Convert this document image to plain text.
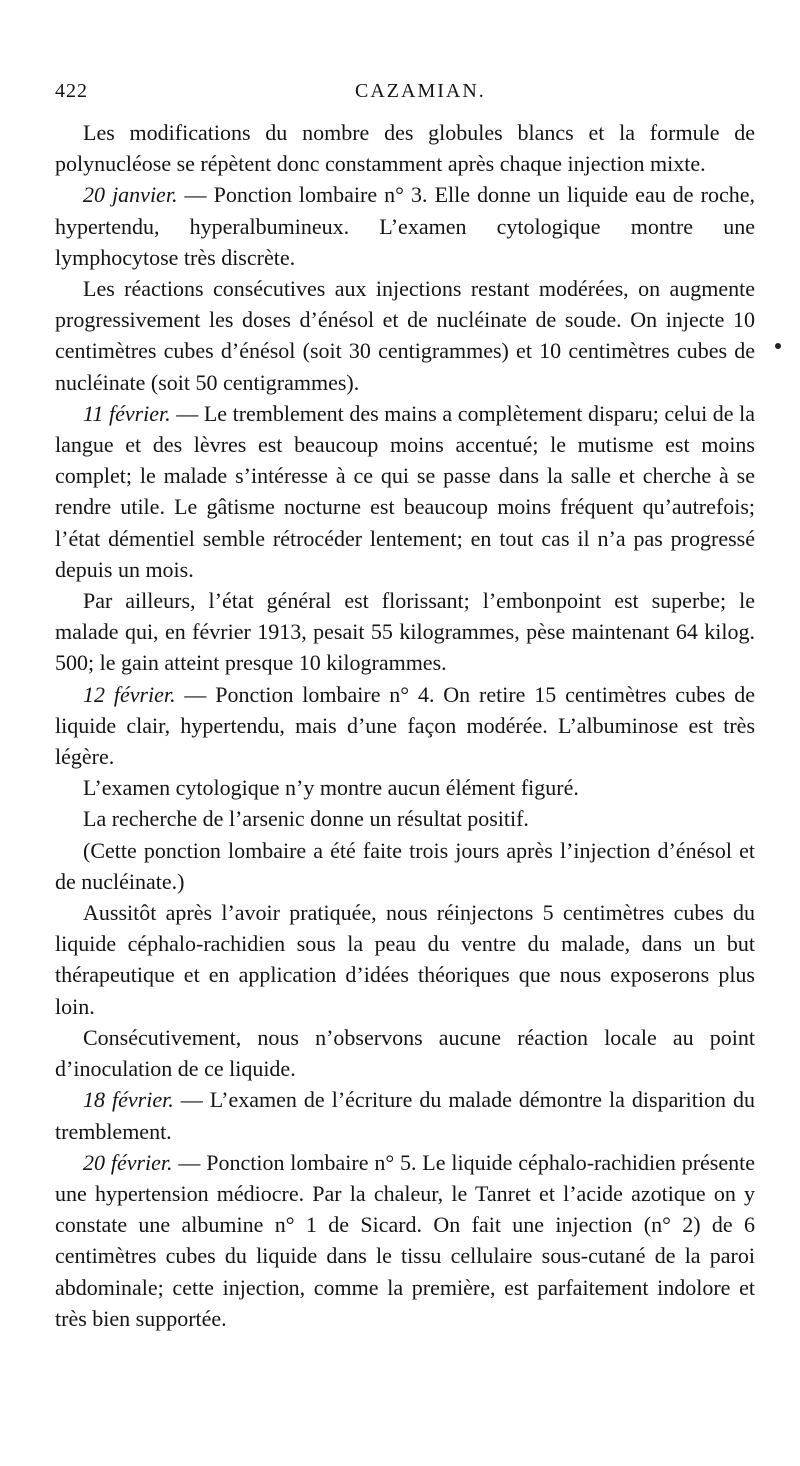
422	CAZAMIAN.

Les modifications du nombre des globules blancs et la formule de polynucléose se répètent donc constamment après chaque injection mixte.

20 janvier. — Ponction lombaire n° 3. Elle donne un liquide eau de roche, hypertendu, hyperalbumineux. L’examen cytologique montre une lymphocytose très discrète.

Les réactions consécutives aux injections restant modérées, on augmente progressivement les doses d’énésol et de nucléinate de soude. On injecte 10 centimètres cubes d’énésol (soit 30 centigrammes) et 10 centimètres cubes de nucléinate (soit 50 centigrammes).

11 février. — Le tremblement des mains a complètement disparu; celui de la langue et des lèvres est beaucoup moins accentué; le mutisme est moins complet; le malade s’intéresse à ce qui se passe dans la salle et cherche à se rendre utile. Le gâtisme nocturne est beaucoup moins fréquent qu’autrefois; l’état démentiel semble rétrocéder lentement; en tout cas il n’a pas progressé depuis un mois.

Par ailleurs, l’état général est florissant; l’embonpoint est superbe; le malade qui, en février 1913, pesait 55 kilogrammes, pèse maintenant 64 kilog. 500; le gain atteint presque 10 kilogrammes.

12 février. — Ponction lombaire n° 4. On retire 15 centimètres cubes de liquide clair, hypertendu, mais d’une façon modérée. L’albuminose est très légère.

L’examen cytologique n’y montre aucun élément figuré.

La recherche de l’arsenic donne un résultat positif.

(Cette ponction lombaire a été faite trois jours après l’injection d’énésol et de nucléinate.)

Aussitôt après l’avoir pratiquée, nous réinjectons 5 centimètres cubes du liquide céphalo-rachidien sous la peau du ventre du malade, dans un but thérapeutique et en application d’idées théoriques que nous exposerons plus loin.

Consécutivement, nous n’observons aucune réaction locale au point d’inoculation de ce liquide.

18 février. — L’examen de l’écriture du malade démontre la disparition du tremblement.

20 février. — Ponction lombaire n° 5. Le liquide céphalo-rachidien présente une hypertension médiocre. Par la chaleur, le Tanret et l’acide azotique on y constate une albumine n° 1 de Sicard. On fait une injection (n° 2) de 6 centimètres cubes du liquide dans le tissu cellulaire sous-cutané de la paroi abdominale; cette injection, comme la première, est parfaitement indolore et très bien supportée.
